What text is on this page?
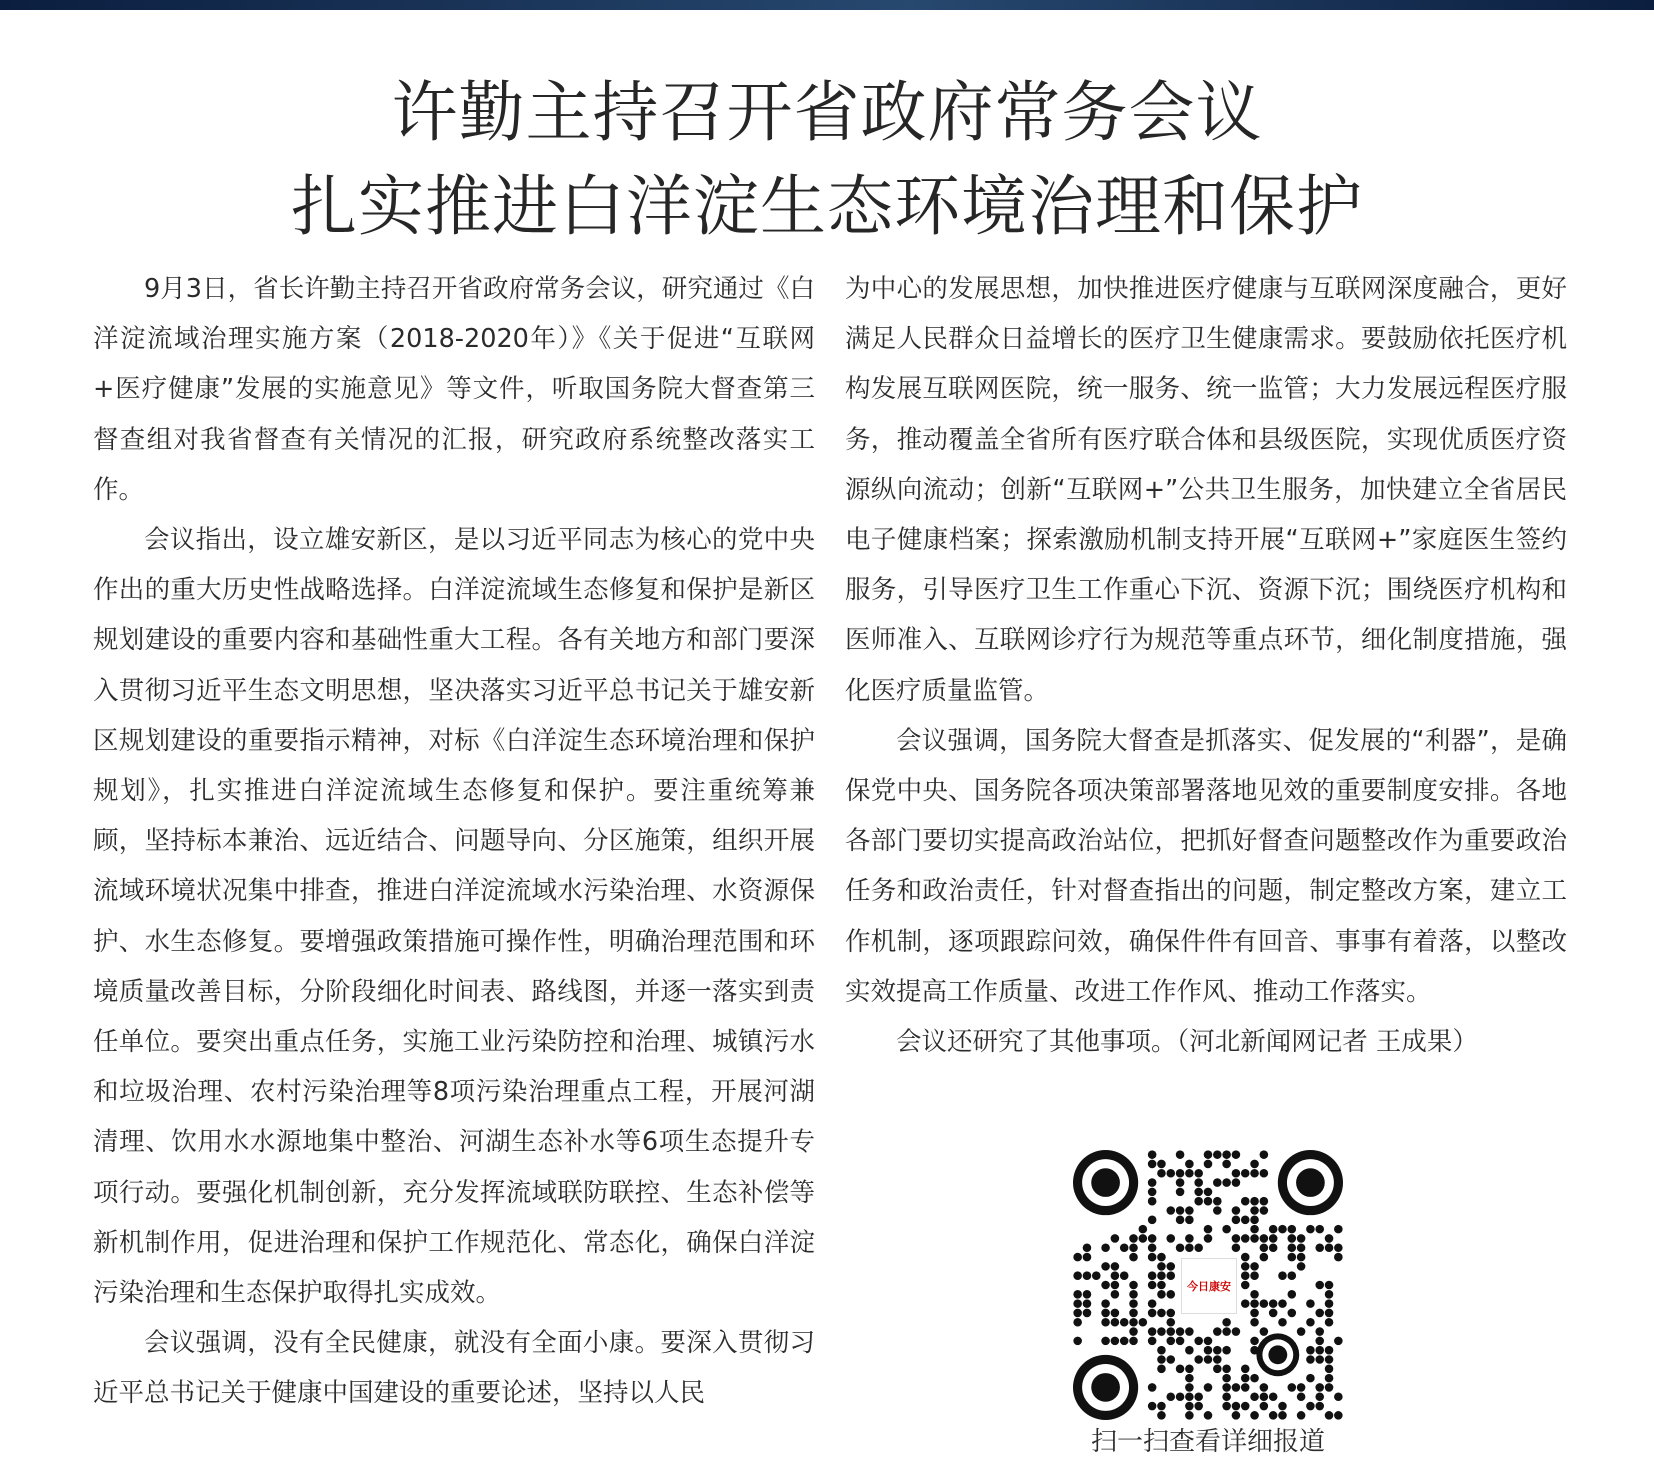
许勤主持召开省政府常务会议
扎实推进白洋淀生态环境治理和保护

9月3日，省长许勤主持召开省政府常务会议，研究通过《白洋淀流域治理实施方案（2018-2020年）》《关于促进“互联网+医疗健康”发展的实施意见》等文件，听取国务院大督查第三督查组对我省督查有关情况的汇报，研究政府系统整改落实工作。

会议指出，设立雄安新区，是以习近平同志为核心的党中央作出的重大历史性战略选择。白洋淀流域生态修复和保护是新区规划建设的重要内容和基础性重大工程。各有关地方和部门要深入贯彻习近平生态文明思想，坚决落实习近平总书记关于雄安新区规划建设的重要指示精神，对标《白洋淀生态环境治理和保护规划》，扎实推进白洋淀流域生态修复和保护。要注重统筹兼顾，坚持标本兼治、远近结合、问题导向、分区施策，组织开展流域环境状况集中排查，推进白洋淀流域水污染治理、水资源保护、水生态修复。要增强政策措施可操作性，明确治理范围和环境质量改善目标，分阶段细化时间表、路线图，并逐一落实到责任单位。要突出重点任务，实施工业污染防控和治理、城镇污水和垃圾治理、农村污染治理等8项污染治理重点工程，开展河湖清理、饮用水水源地集中整治、河湖生态补水等6项生态提升专项行动。要强化机制创新，充分发挥流域联防联控、生态补偿等新机制作用，促进治理和保护工作规范化、常态化，确保白洋淀污染治理和生态保护取得扎实成效。

会议强调，没有全民健康，就没有全面小康。要深入贯彻习近平总书记关于健康中国建设的重要论述，坚持以人民

为中心的发展思想，加快推进医疗健康与互联网深度融合，更好满足人民群众日益增长的医疗卫生健康需求。要鼓励依托医疗机构发展互联网医院，统一服务、统一监管；大力发展远程医疗服务，推动覆盖全省所有医疗联合体和县级医院，实现优质医疗资源纵向流动；创新“互联网+”公共卫生服务，加快建立全省居民电子健康档案；探索激励机制支持开展“互联网+”家庭医生签约服务，引导医疗卫生工作重心下沉、资源下沉；围绕医疗机构和医师准入、互联网诊疗行为规范等重点环节，细化制度措施，强化医疗质量监管。

会议强调，国务院大督查是抓落实、促发展的“利器”，是确保党中央、国务院各项决策部署落地见效的重要制度安排。各地各部门要切实提高政治站位，把抓好督查问题整改作为重要政治任务和政治责任，针对督查指出的问题，制定整改方案，建立工作机制，逐项跟踪问效，确保件件有回音、事事有着落，以整改实效提高工作质量、改进工作作风、推动工作落实。

会议还研究了其他事项。（河北新闻网记者 王成果）

今日康安
扫一扫查看详细报道
